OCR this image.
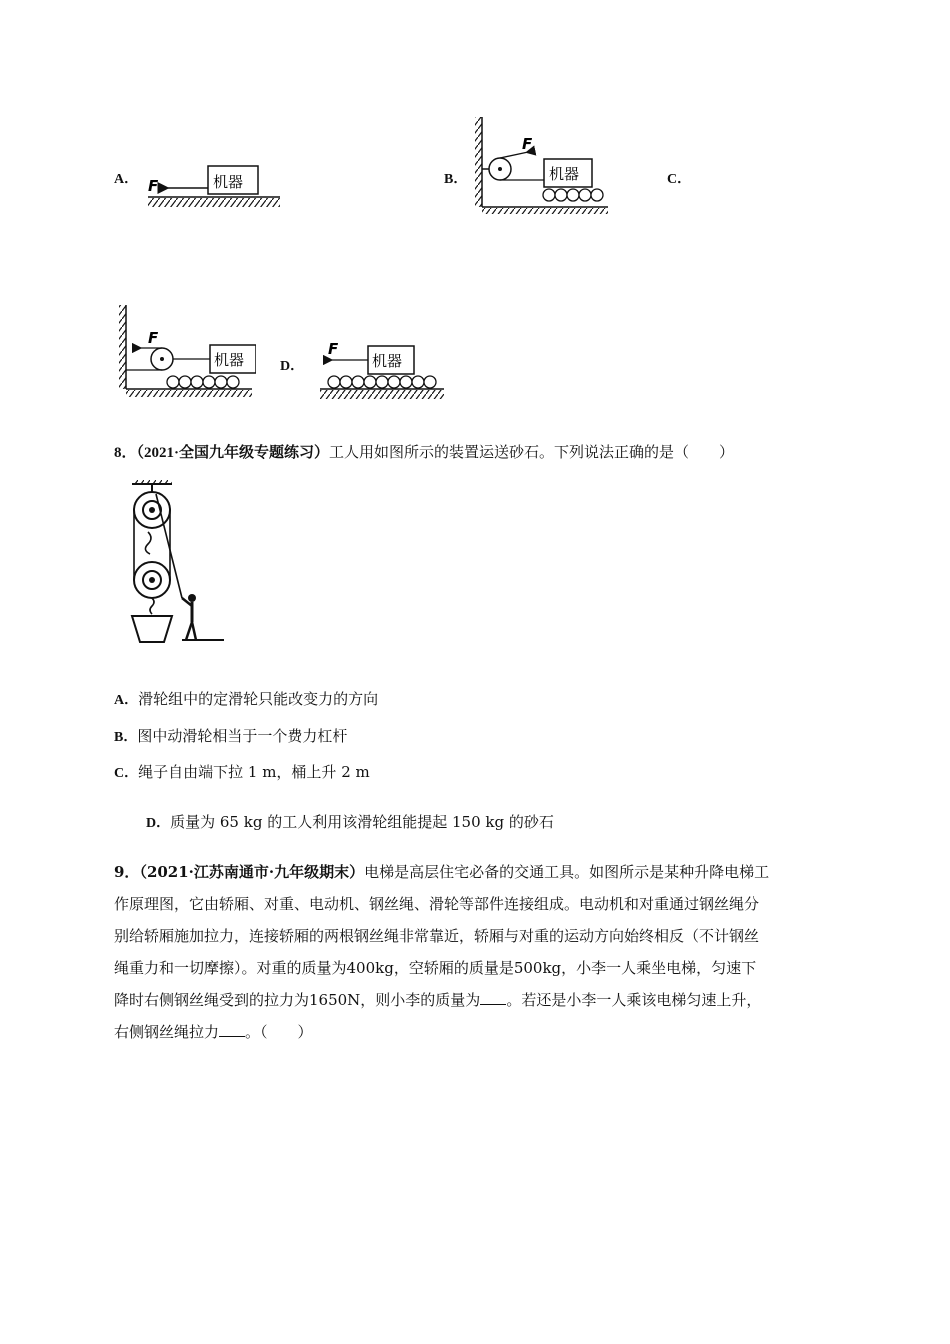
A．	B．	C．
D．
机器
F
F
机器
F
机器	机器
F
8．（2021·全国九年级专题练习）工人用如图所示的装置运送砂石。下列说法正确的是（　　）
A．滑轮组中的定滑轮只能改变力的方向
B．图中动滑轮相当于一个费力杠杆
C．绳子自由端下拉 1 m，桶上升 2 m
D．质量为 65 kg 的工人利用该滑轮组能提起 150 kg 的砂石
9．（2021·江苏南通市·九年级期末）电梯是高层住宅必备的交通工具。如图所示是某种升降电梯工
作原理图，它由轿厢、对重、电动机、钢丝绳、滑轮等部件连接组成。电动机和对重通过钢丝绳分
别给轿厢施加拉力，连接轿厢的两根钢丝绳非常靠近，轿厢与对重的运动方向始终相反（不计钢丝
绳重力和一切摩擦）。对重的质量为400kg，空轿厢的质量是500kg，小李一人乘坐电梯，匀速下
降时右侧钢丝绳受到的拉力为1650N，则小李的质量为 。若还是小李一人乘该电梯匀速上升，
右侧钢丝绳拉力 。（　　）
